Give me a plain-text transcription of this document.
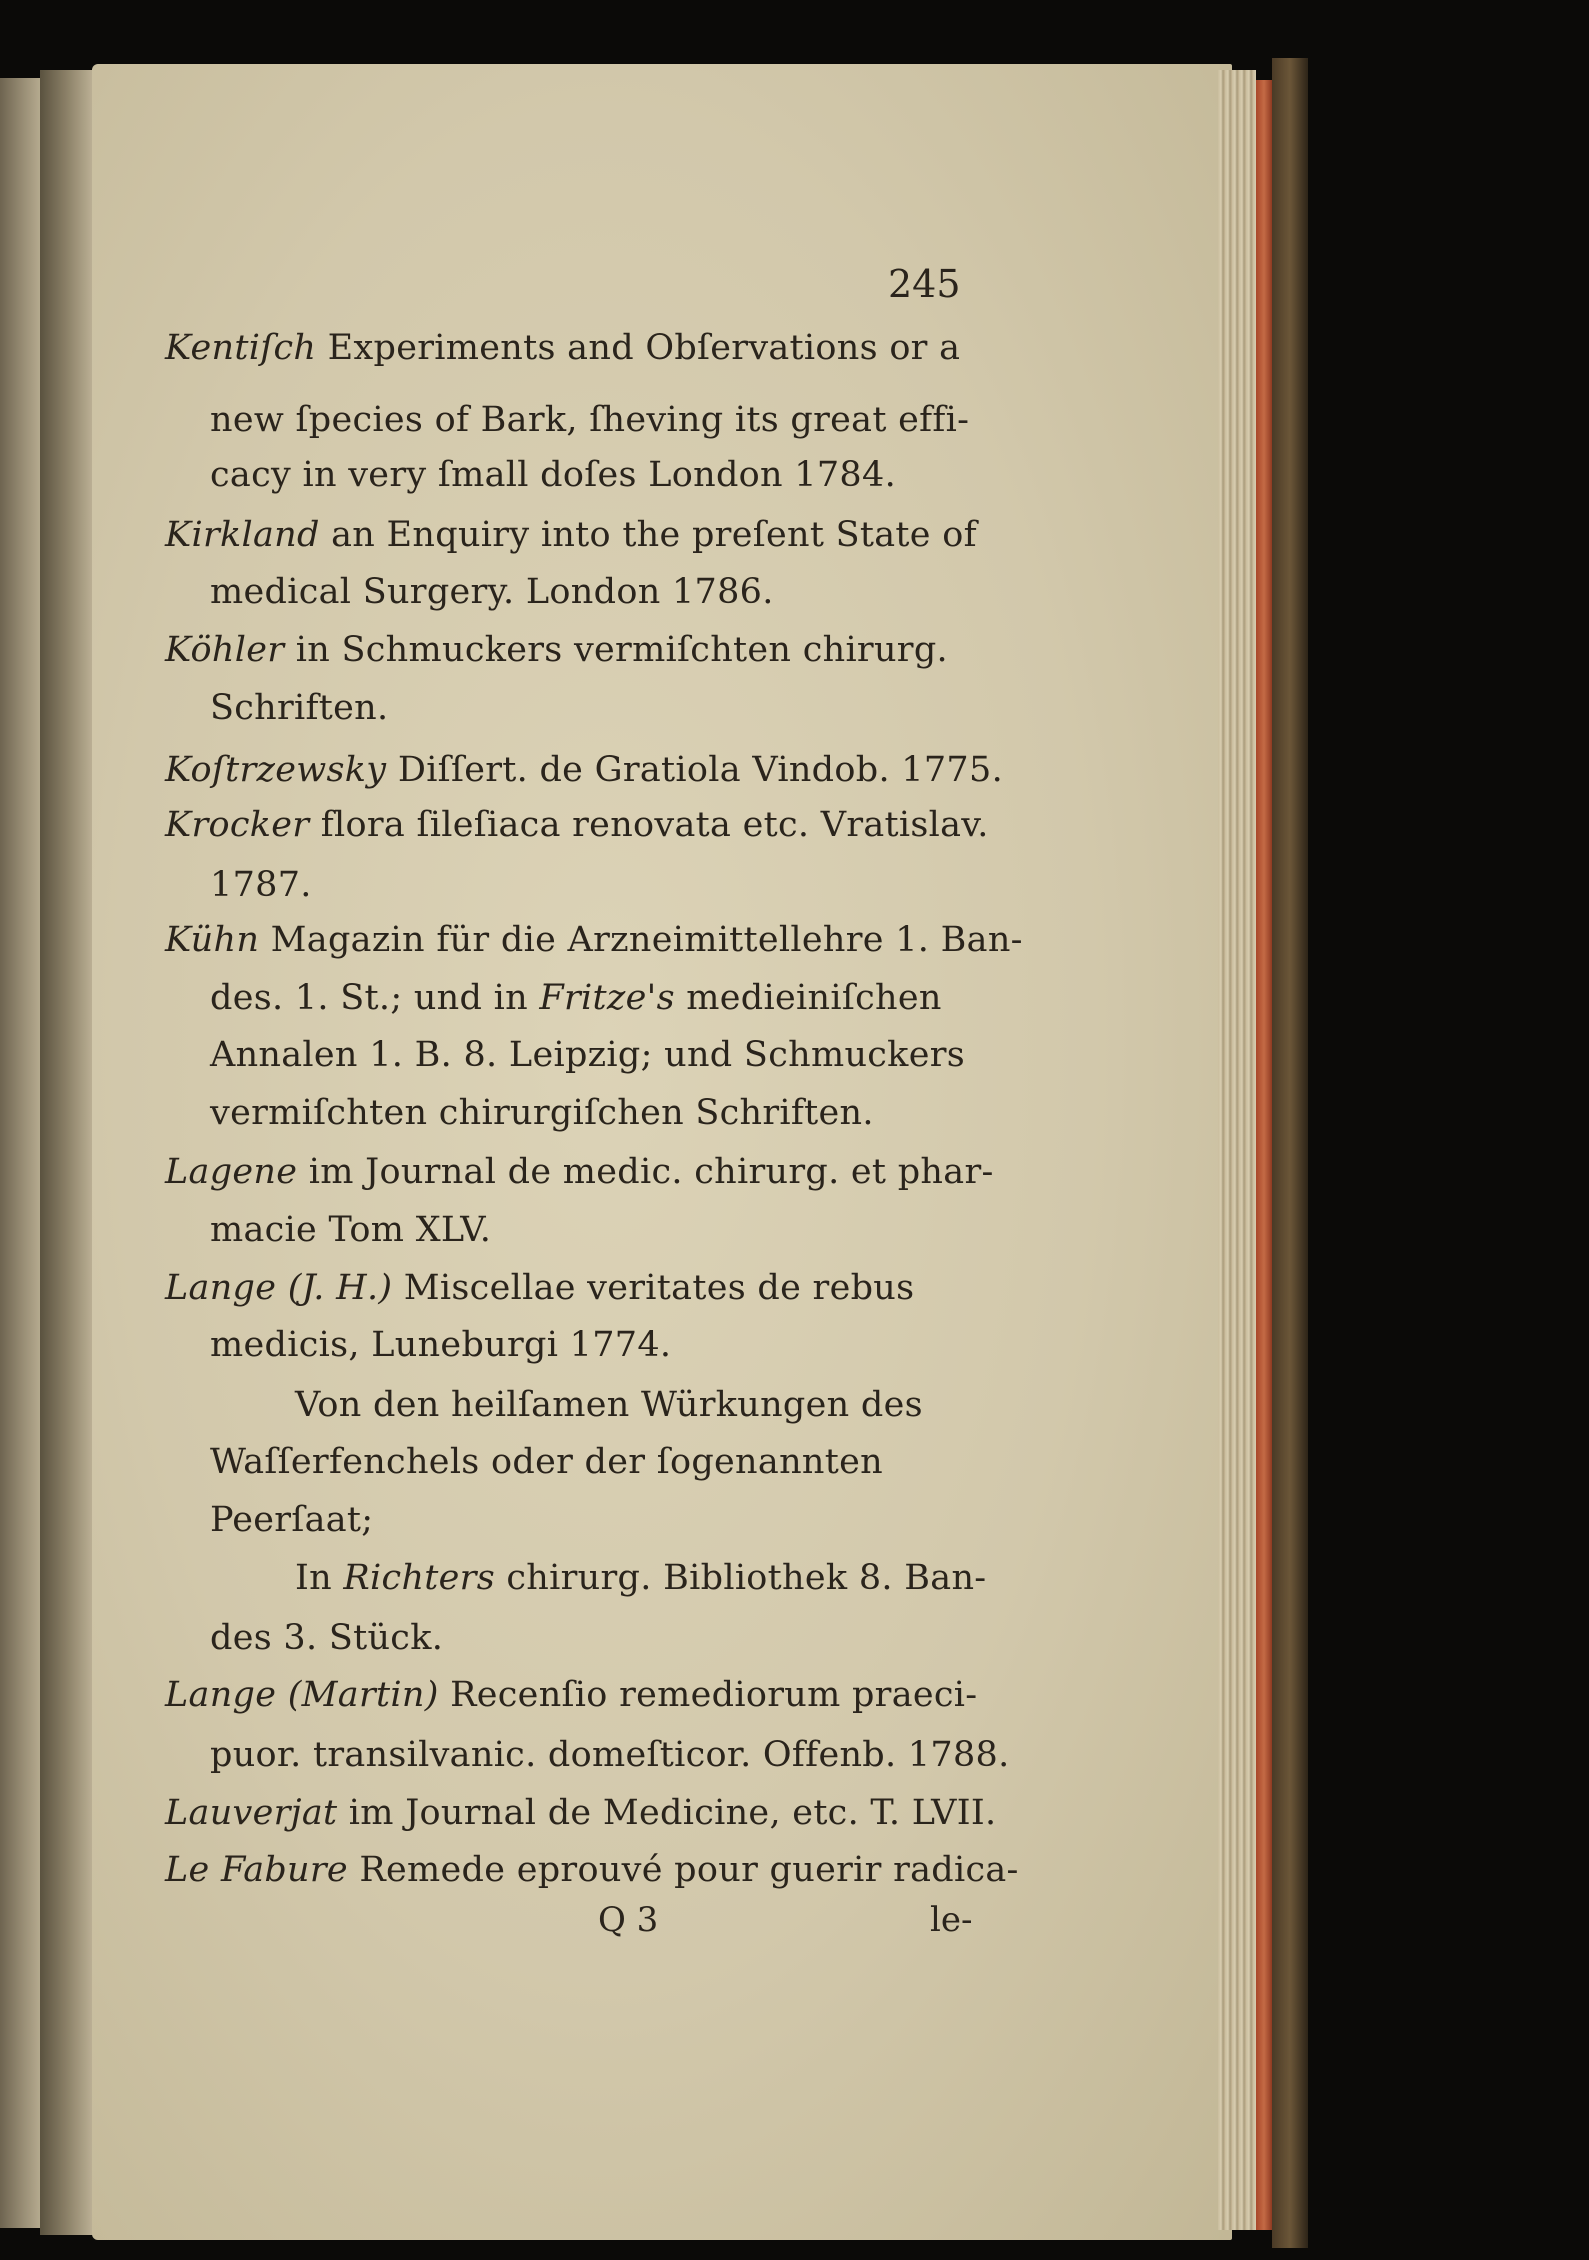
245
Kentiſch Experiments and Obſervations or a
new ſpecies of Bark, ſheving its great effi-
cacy in very ſmall doſes London 1784.
Kirkland an Enquiry into the preſent State of
medical Surgery. London 1786.
Köhler in Schmuckers vermiſchten chirurg.
Schriften.
Koſtrzewsky Diſſert. de Gratiola Vindob. 1775.
Krocker flora ſileſiaca renovata etc. Vratislav.
1787.
Kühn Magazin für die Arzneimittellehre 1. Ban-
des. 1. St.; und in Fritze's medieiniſchen
Annalen 1. B. 8. Leipzig; und Schmuckers
vermiſchten chirurgiſchen Schriften.
Lagene im Journal de medic. chirurg. et phar-
macie Tom XLV.
Lange (J. H.) Miscellae veritates de rebus
medicis, Luneburgi 1774.
Von den heilſamen Würkungen des
Waſſerfenchels oder der ſogenannten
Peerſaat;
In Richters chirurg. Bibliothek 8. Ban-
des 3. Stück.
Lange (Martin) Recenſio remediorum praeci-
puor. transilvanic. domeſticor. Offenb. 1788.
Lauverjat im Journal de Medicine, etc. T. LVII.
Le Fabure Remede eprouvé pour guerir radica-
Q 3	le-
